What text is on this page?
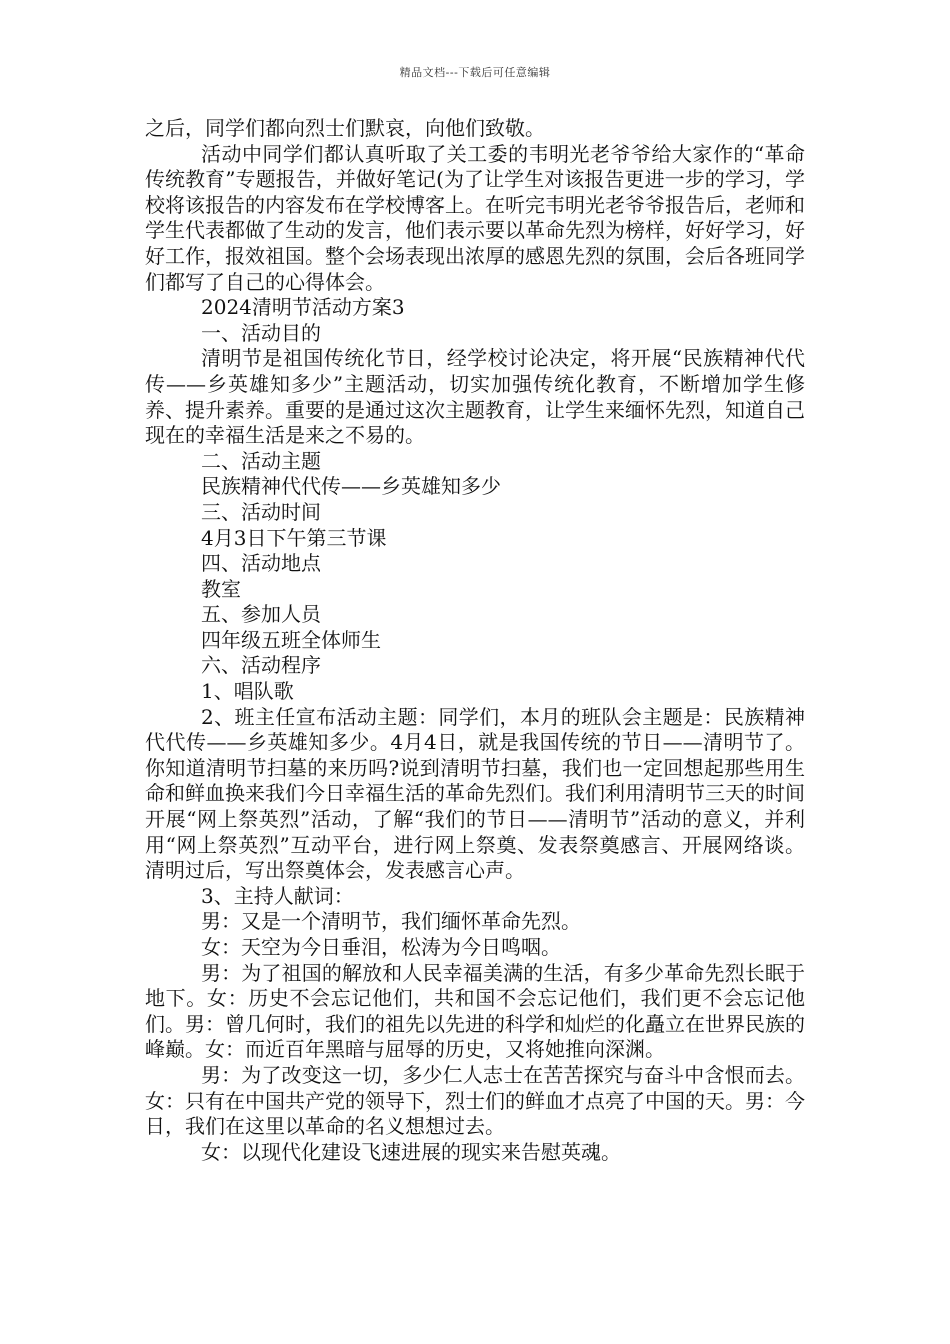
精品文档---下载后可任意编辑

之后，同学们都向烈士们默哀，向他们致敬。

活动中同学们都认真听取了关工委的韦明光老爷爷给大家作的“革命传统教育”专题报告，并做好笔记(为了让学生对该报告更进一步的学习，学校将该报告的内容发布在学校博客上。在听完韦明光老爷爷报告后，老师和学生代表都做了生动的发言，他们表示要以革命先烈为榜样，好好学习，好好工作，报效祖国。整个会场表现出浓厚的感恩先烈的氛围，会后各班同学们都写了自己的心得体会。

2024清明节活动方案3

一、活动目的

清明节是祖国传统化节日，经学校讨论决定，将开展“民族精神代代传——乡英雄知多少”主题活动，切实加强传统化教育，不断增加学生修养、提升素养。重要的是通过这次主题教育，让学生来缅怀先烈，知道自己现在的幸福生活是来之不易的。

二、活动主题

民族精神代代传——乡英雄知多少

三、活动时间

4月3日下午第三节课

四、活动地点

教室

五、参加人员

四年级五班全体师生

六、活动程序

1、唱队歌

2、班主任宣布活动主题：同学们，本月的班队会主题是：民族精神代代传——乡英雄知多少。4月4日，就是我国传统的节日——清明节了。你知道清明节扫墓的来历吗?说到清明节扫墓，我们也一定回想起那些用生命和鲜血换来我们今日幸福生活的革命先烈们。我们利用清明节三天的时间开展“网上祭英烈”活动，了解“我们的节日——清明节”活动的意义，并利用“网上祭英烈”互动平台，进行网上祭奠、发表祭奠感言、开展网络谈。清明过后，写出祭奠体会，发表感言心声。

3、主持人献词：

男：又是一个清明节，我们缅怀革命先烈。

女：天空为今日垂泪，松涛为今日鸣咽。

男：为了祖国的解放和人民幸福美满的生活，有多少革命先烈长眠于地下。女：历史不会忘记他们，共和国不会忘记他们，我们更不会忘记他们。男：曾几何时，我们的祖先以先进的科学和灿烂的化矗立在世界民族的峰巅。女：而近百年黑暗与屈辱的历史，又将她推向深渊。

男：为了改变这一切，多少仁人志士在苦苦探究与奋斗中含恨而去。女：只有在中国共产党的领导下，烈士们的鲜血才点亮了中国的天。男：今日，我们在这里以革命的名义想想过去。

女：以现代化建设飞速进展的现实来告慰英魂。
